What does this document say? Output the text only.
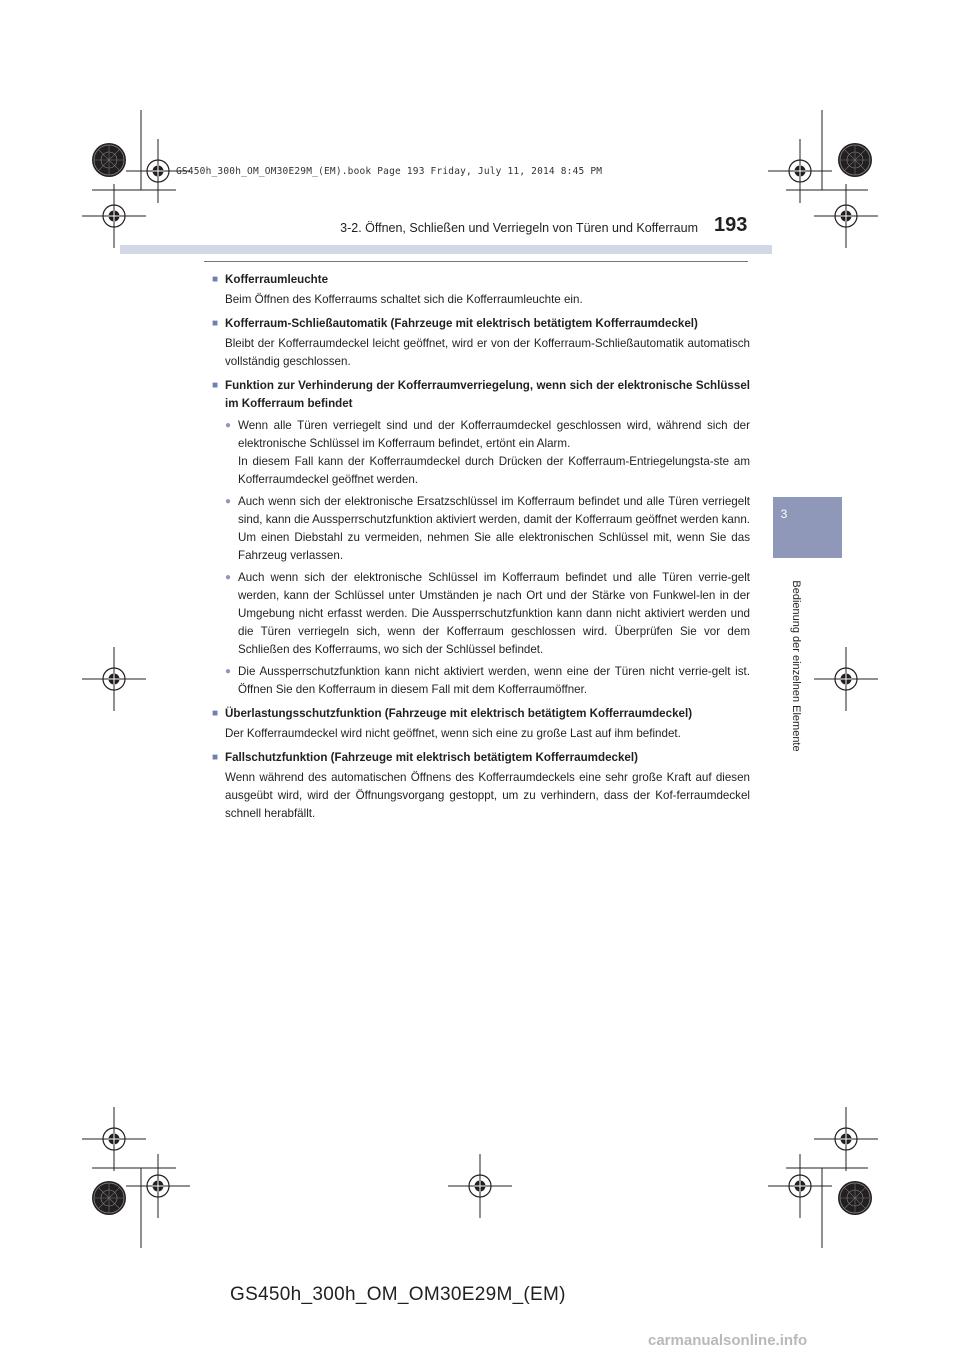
GS450h_300h_OM_OM30E29M_(EM).book Page 193 Friday, July 11, 2014 8:45 PM
3-2. Öffnen, Schließen und Verriegeln von Türen und Kofferraum 193
3
Bedienung der einzelnen Elemente
■ Kofferraumleuchte
Beim Öffnen des Kofferraums schaltet sich die Kofferraumleuchte ein.
■ Kofferraum-Schließautomatik (Fahrzeuge mit elektrisch betätigtem Kofferraumdeckel)
Bleibt der Kofferraumdeckel leicht geöffnet, wird er von der Kofferraum-Schließautomatik automatisch vollständig geschlossen.
■ Funktion zur Verhinderung der Kofferraumverriegelung, wenn sich der elektronische Schlüssel im Kofferraum befindet
● Wenn alle Türen verriegelt sind und der Kofferraumdeckel geschlossen wird, während sich der elektronische Schlüssel im Kofferraum befindet, ertönt ein Alarm.
In diesem Fall kann der Kofferraumdeckel durch Drücken der Kofferraum-Entriegelungsta-ste am Kofferraumdeckel geöffnet werden.
● Auch wenn sich der elektronische Ersatzschlüssel im Kofferraum befindet und alle Türen verriegelt sind, kann die Aussperrschutzfunktion aktiviert werden, damit der Kofferraum geöffnet werden kann. Um einen Diebstahl zu vermeiden, nehmen Sie alle elektronischen Schlüssel mit, wenn Sie das Fahrzeug verlassen.
● Auch wenn sich der elektronische Schlüssel im Kofferraum befindet und alle Türen verrie-gelt werden, kann der Schlüssel unter Umständen je nach Ort und der Stärke von Funkwel-len in der Umgebung nicht erfasst werden. Die Aussperrschutzfunktion kann dann nicht aktiviert werden und die Türen verriegeln sich, wenn der Kofferraum geschlossen wird. Überprüfen Sie vor dem Schließen des Kofferraums, wo sich der Schlüssel befindet.
● Die Aussperrschutzfunktion kann nicht aktiviert werden, wenn eine der Türen nicht verrie-gelt ist. Öffnen Sie den Kofferraum in diesem Fall mit dem Kofferraumöffner.
■ Überlastungsschutzfunktion (Fahrzeuge mit elektrisch betätigtem Kofferraumdeckel)
Der Kofferraumdeckel wird nicht geöffnet, wenn sich eine zu große Last auf ihm befindet.
■ Fallschutzfunktion (Fahrzeuge mit elektrisch betätigtem Kofferraumdeckel)
Wenn während des automatischen Öffnens des Kofferraumdeckels eine sehr große Kraft auf diesen ausgeübt wird, wird der Öffnungsvorgang gestoppt, um zu verhindern, dass der Kof-ferraumdeckel schnell herabfällt.
GS450h_300h_OM_OM30E29M_(EM)
carmanualsonline.info
